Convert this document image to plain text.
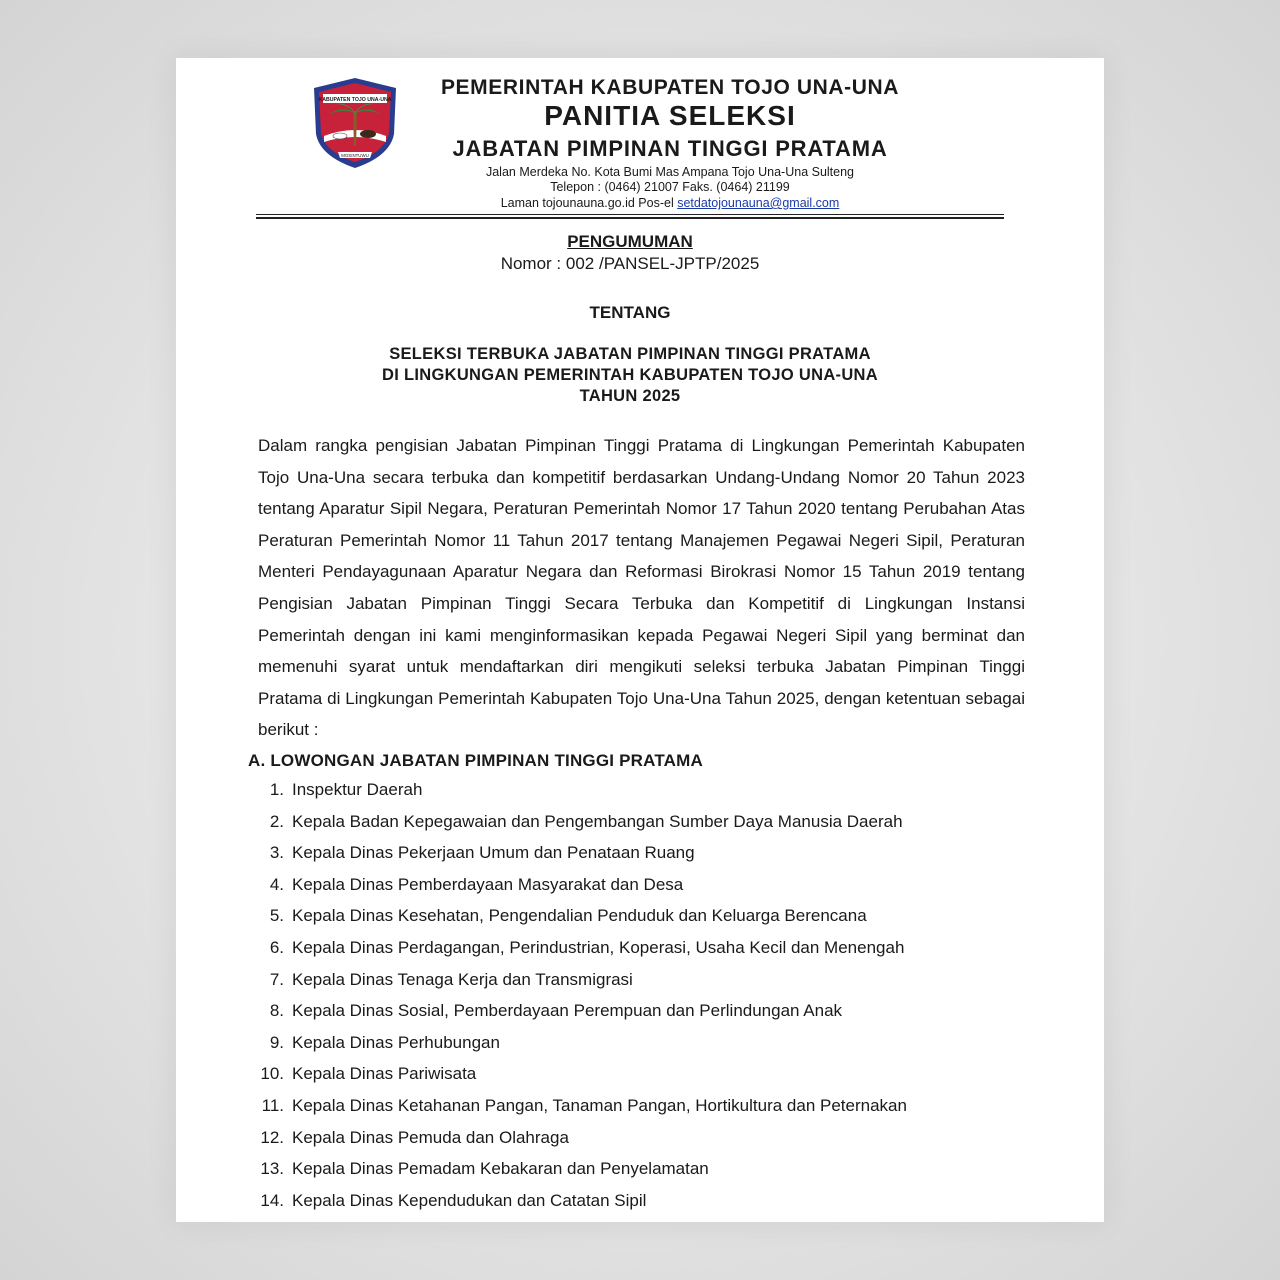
KABUPATEN TOJO UNA-UNA
MOSINTUWU
PEMERINTAH KABUPATEN TOJO UNA-UNA
PANITIA SELEKSI
JABATAN PIMPINAN TINGGI PRATAMA
Jalan Merdeka No. Kota Bumi Mas Ampana Tojo Una-Una Sulteng
Telepon : (0464) 21007 Faks. (0464) 21199
Laman tojounauna.go.id Pos-el setdatojounauna@gmail.com
PENGUMUMAN
Nomor : 002 /PANSEL-JPTP/2025
TENTANG
SELEKSI TERBUKA JABATAN PIMPINAN TINGGI PRATAMA
DI LINGKUNGAN PEMERINTAH KABUPATEN TOJO UNA-UNA
TAHUN 2025

Dalam rangka pengisian Jabatan Pimpinan Tinggi Pratama di Lingkungan Pemerintah Kabupaten Tojo Una-Una secara terbuka dan kompetitif berdasarkan Undang-Undang Nomor 20 Tahun 2023 tentang Aparatur Sipil Negara, Peraturan Pemerintah Nomor 17 Tahun 2020 tentang Perubahan Atas Peraturan Pemerintah Nomor 11 Tahun 2017 tentang Manajemen Pegawai Negeri Sipil, Peraturan Menteri Pendayagunaan Aparatur Negara dan Reformasi Birokrasi Nomor 15 Tahun 2019 tentang Pengisian Jabatan Pimpinan Tinggi Secara Terbuka dan Kompetitif di Lingkungan Instansi Pemerintah dengan ini kami menginformasikan kepada Pegawai Negeri Sipil yang berminat dan memenuhi syarat untuk mendaftarkan diri mengikuti seleksi terbuka Jabatan Pimpinan Tinggi Pratama di Lingkungan Pemerintah Kabupaten Tojo Una-Una Tahun 2025, dengan ketentuan sebagai berikut :

A. LOWONGAN JABATAN PIMPINAN TINGGI PRATAMA
1. Inspektur Daerah
2. Kepala Badan Kepegawaian dan Pengembangan Sumber Daya Manusia Daerah
3. Kepala Dinas Pekerjaan Umum dan Penataan Ruang
4. Kepala Dinas Pemberdayaan Masyarakat dan Desa
5. Kepala Dinas Kesehatan, Pengendalian Penduduk dan Keluarga Berencana
6. Kepala Dinas Perdagangan, Perindustrian, Koperasi, Usaha Kecil dan Menengah
7. Kepala Dinas Tenaga Kerja dan Transmigrasi
8. Kepala Dinas Sosial, Pemberdayaan Perempuan dan Perlindungan Anak
9. Kepala Dinas Perhubungan
10. Kepala Dinas Pariwisata
11. Kepala Dinas Ketahanan Pangan, Tanaman Pangan, Hortikultura dan Peternakan
12. Kepala Dinas Pemuda dan Olahraga
13. Kepala Dinas Pemadam Kebakaran dan Penyelamatan
14. Kepala Dinas Kependudukan dan Catatan Sipil
